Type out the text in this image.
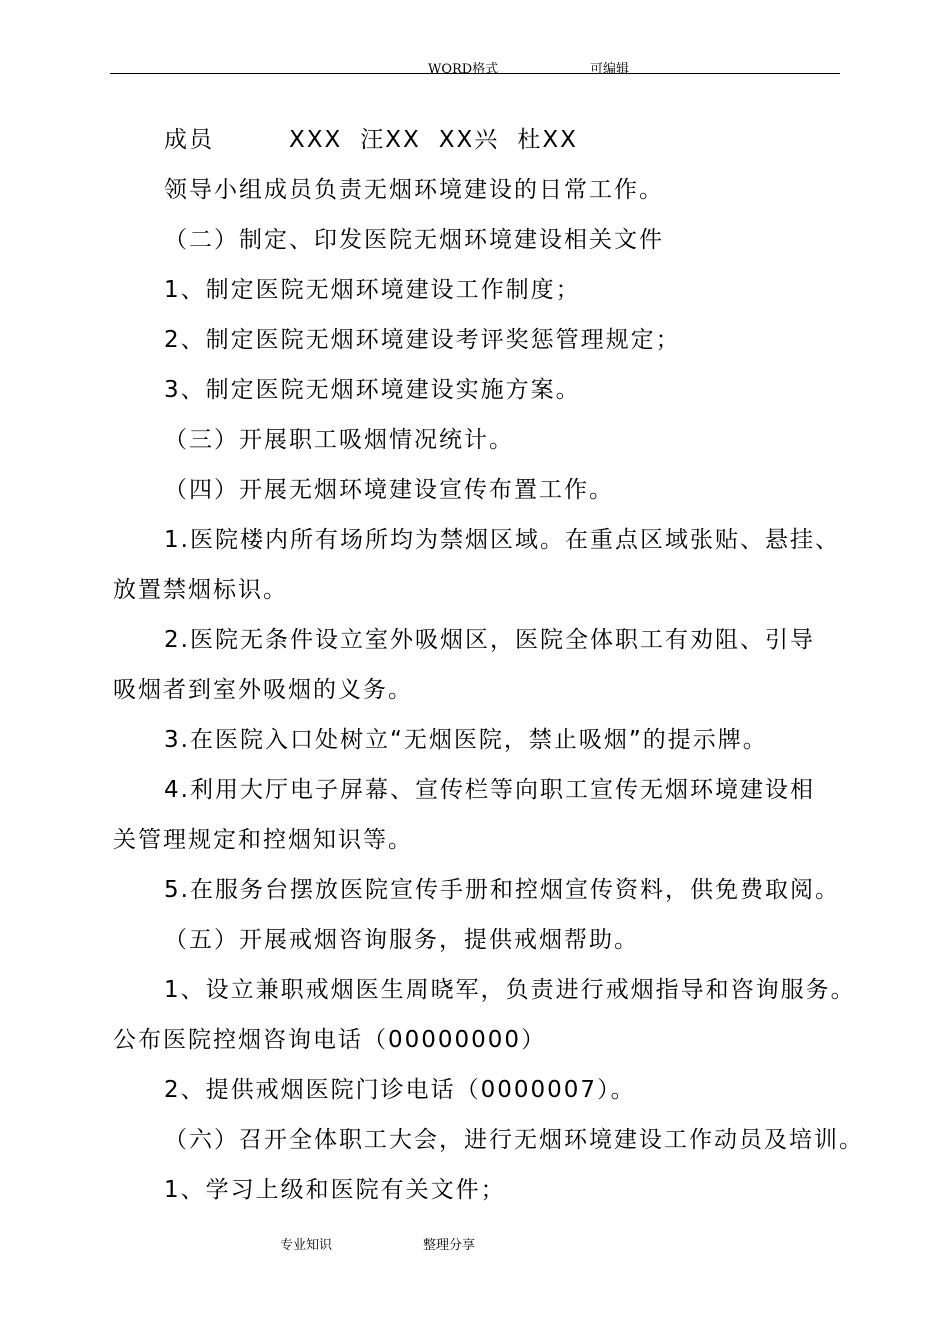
WORD格式	可编辑
成员	XXX 汪XX XX兴 杜XX
领导小组成员负责无烟环境建设的日常工作。
（二）制定、印发医院无烟环境建设相关文件
1、制定医院无烟环境建设工作制度；
2、制定医院无烟环境建设考评奖惩管理规定；
3、制定医院无烟环境建设实施方案。
（三）开展职工吸烟情况统计。
（四）开展无烟环境建设宣传布置工作。
1.医院楼内所有场所均为禁烟区域。在重点区域张贴、悬挂、
放置禁烟标识。
2.医院无条件设立室外吸烟区，医院全体职工有劝阻、引导
吸烟者到室外吸烟的义务。
3.在医院入口处树立“无烟医院，禁止吸烟”的提示牌。
4.利用大厅电子屏幕、宣传栏等向职工宣传无烟环境建设相
关管理规定和控烟知识等。
5.在服务台摆放医院宣传手册和控烟宣传资料，供免费取阅。
（五）开展戒烟咨询服务，提供戒烟帮助。
1、设立兼职戒烟医生周晓军，负责进行戒烟指导和咨询服务。
公布医院控烟咨询电话（00000000）
2、提供戒烟医院门诊电话（0000007）。
（六）召开全体职工大会，进行无烟环境建设工作动员及培训。
1、学习上级和医院有关文件；
专业知识	整理分享
